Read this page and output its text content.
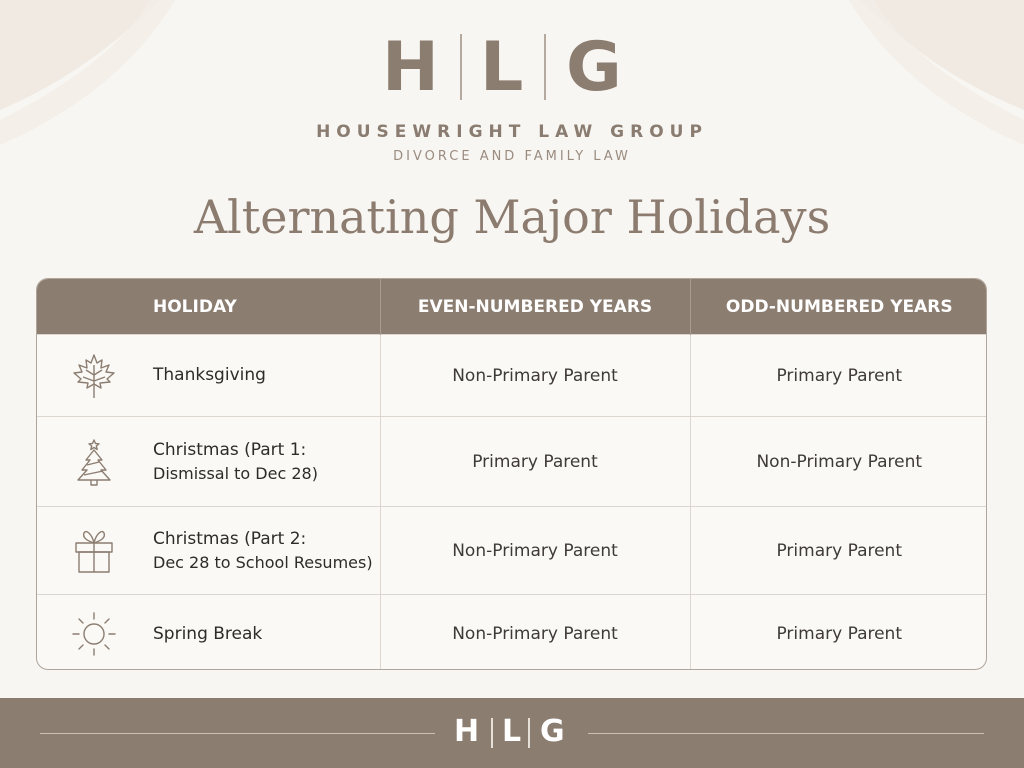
H L G
HOUSEWRIGHT LAW GROUP
DIVORCE AND FAMILY LAW
Alternating Major Holidays
HOLIDAY	EVEN-NUMBERED YEARS	ODD-NUMBERED YEARS

Thanksgiving	Non-Primary Parent	Primary Parent

Christmas (Part 1:
Dismissal to Dec 28)	Primary Parent	Non-Primary Parent

Christmas (Part 2:
Dec 28 to School Resumes)	Non-Primary Parent	Primary Parent

Spring Break	Non-Primary Parent	Primary Parent
H L G
